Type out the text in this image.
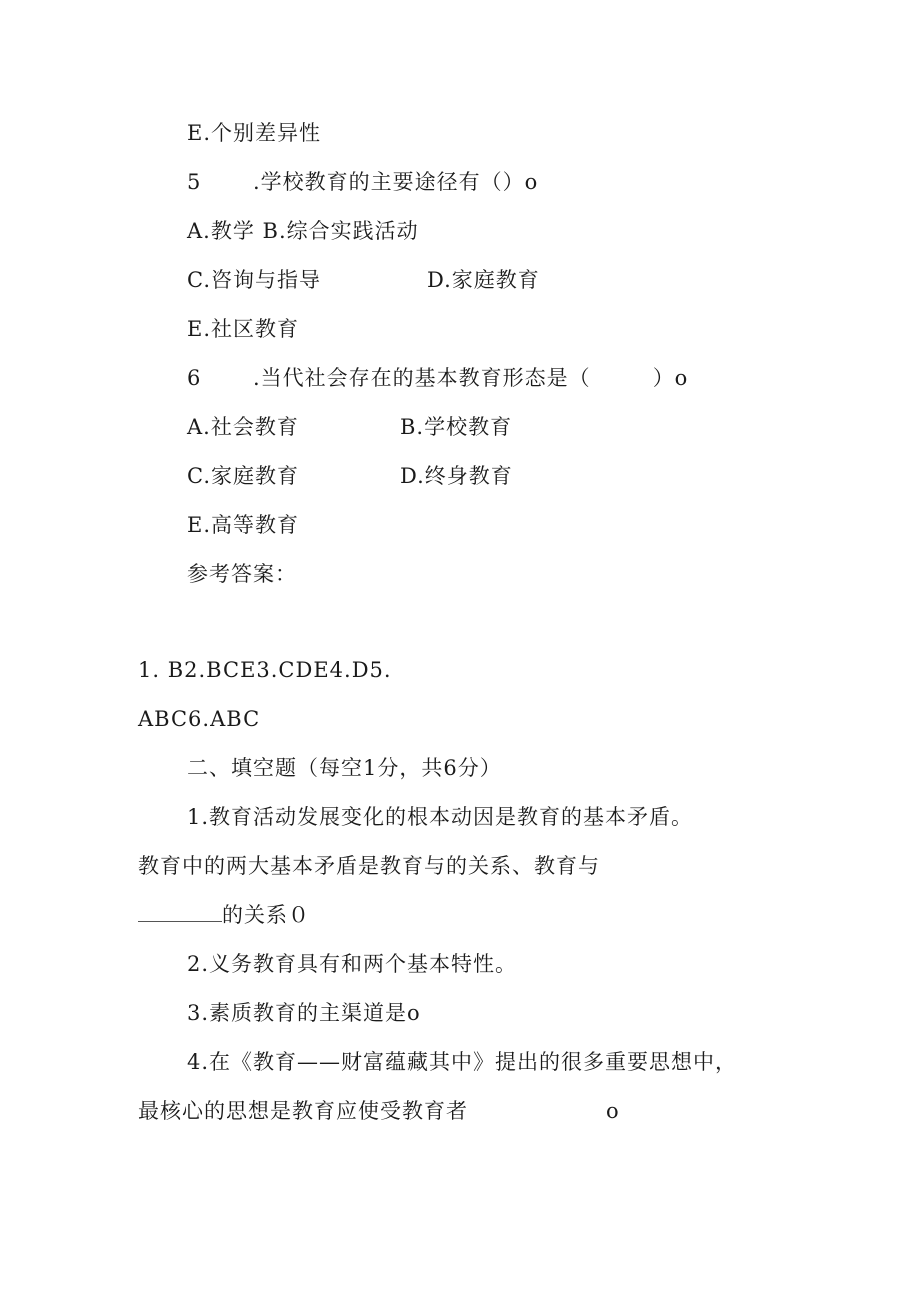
E.个别差异性
5 .学校教育的主要途径有（）o
A.教学 B.综合实践活动
C.咨询与指导	D.家庭教育
E.社区教育
6 .当代社会存在的基本教育形态是（	）o
A.社会教育	B.学校教育
C.家庭教育	D.终身教育
E.高等教育
参考答案：
1. B2.BCE3.CDE4.D5.
ABC6.ABC
二、填空题（每空1分，共6分）
1.教育活动发展变化的根本动因是教育的基本矛盾。
教育中的两大基本矛盾是教育与的关系、教育与
的关系０
2.义务教育具有和两个基本特性。
3.素质教育的主渠道是o
4.在《教育——财富蕴藏其中》提出的很多重要思想中，
最核心的思想是教育应使受教育者	o
